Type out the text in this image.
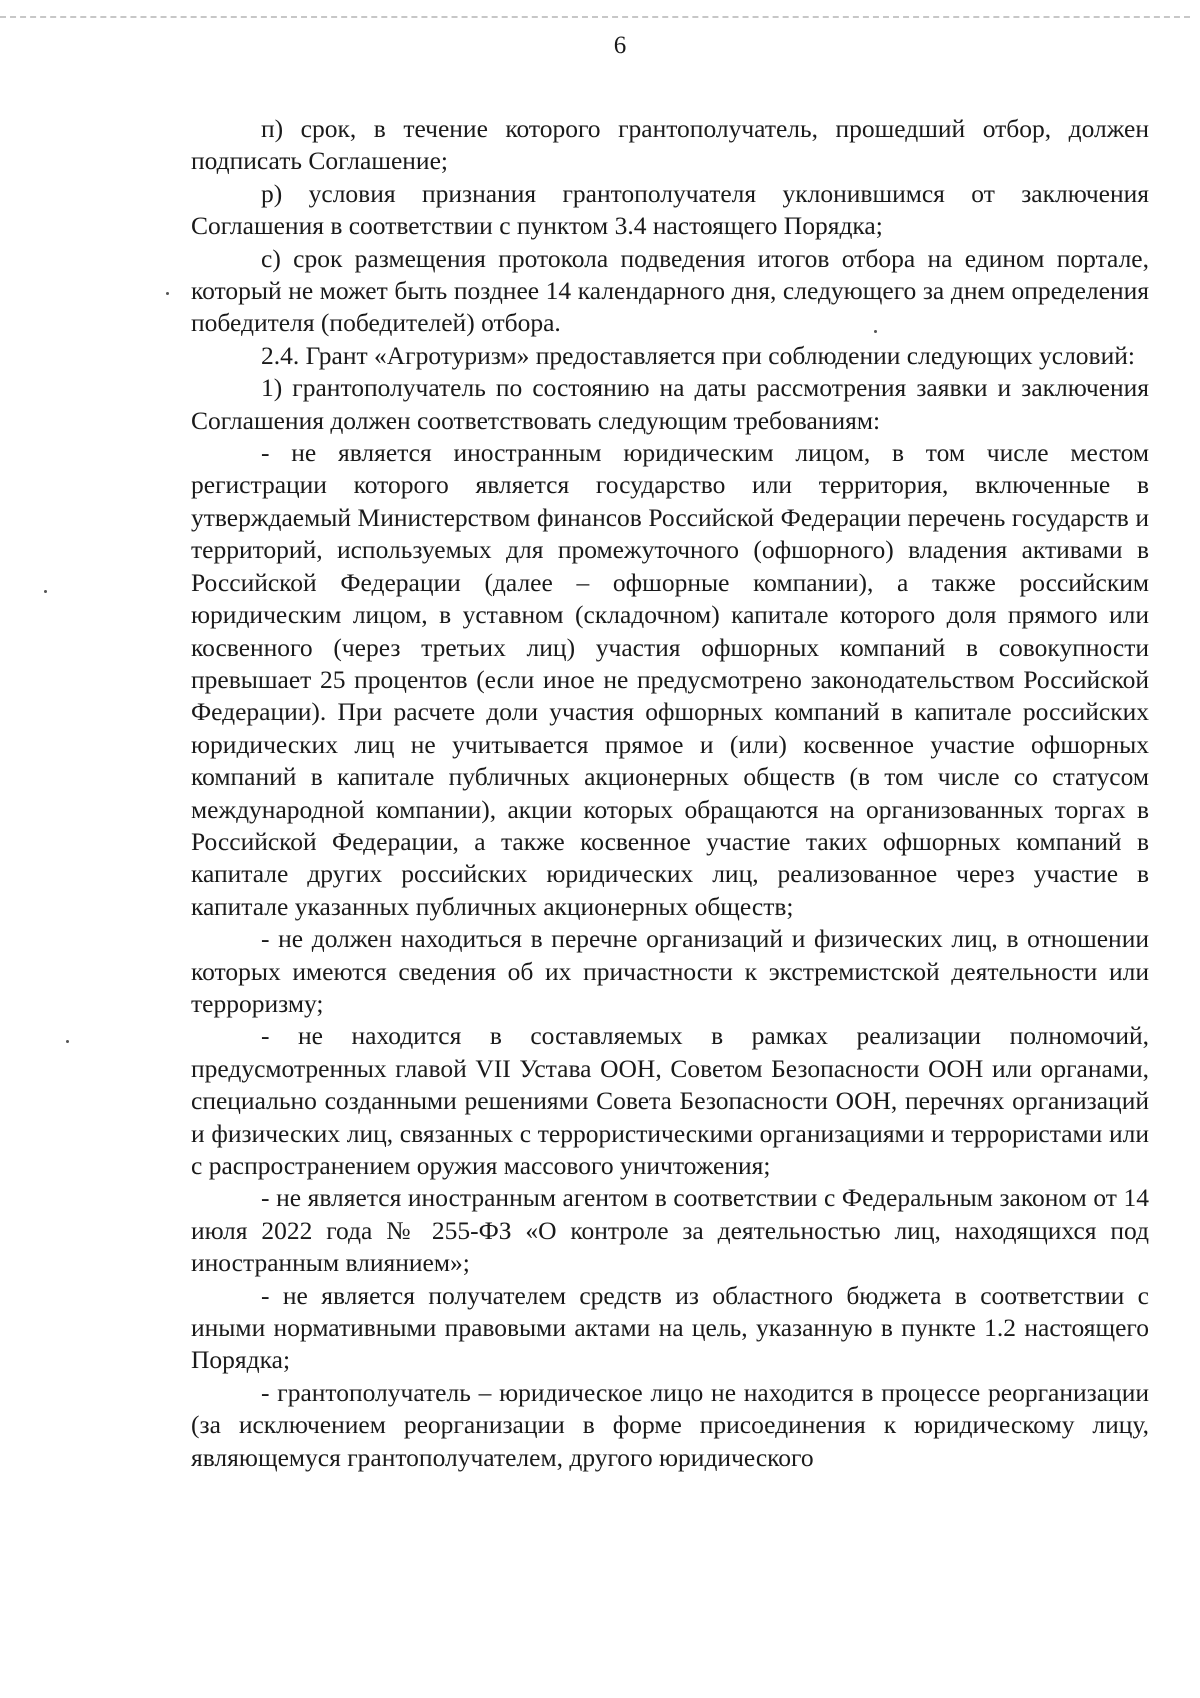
6

п) срок, в течение которого грантополучатель, прошедший отбор, должен подписать Соглашение;

р) условия признания грантополучателя уклонившимся от заключения Соглашения в соответствии с пунктом 3.4 настоящего Порядка;

с) срок размещения протокола подведения итогов отбора на едином портале, который не может быть позднее 14 календарного дня, следующего за днем определения победителя (победителей) отбора.

2.4. Грант «Агротуризм» предоставляется при соблюдении следующих условий:

1) грантополучатель по состоянию на даты рассмотрения заявки и заключения Соглашения должен соответствовать следующим требованиям:

- не является иностранным юридическим лицом, в том числе местом регистрации которого является государство или территория, включенные в утверждаемый Министерством финансов Российской Федерации перечень государств и территорий, используемых для промежуточного (офшорного) владения активами в Российской Федерации (далее – офшорные компании), а также российским юридическим лицом, в уставном (складочном) капитале которого доля прямого или косвенного (через третьих лиц) участия офшорных компаний в совокупности превышает 25 процентов (если иное не предусмотрено законодательством Российской Федерации). При расчете доли участия офшорных компаний в капитале российских юридических лиц не учитывается прямое и (или) косвенное участие офшорных компаний в капитале публичных акционерных обществ (в том числе со статусом международной компании), акции которых обращаются на организованных торгах в Российской Федерации, а также косвенное участие таких офшорных компаний в капитале других российских юридических лиц, реализованное через участие в капитале указанных публичных акционерных обществ;

- не должен находиться в перечне организаций и физических лиц, в отношении которых имеются сведения об их причастности к экстремистской деятельности или терроризму;

- не находится в составляемых в рамках реализации полномочий, предусмотренных главой VII Устава ООН, Советом Безопасности ООН или органами, специально созданными решениями Совета Безопасности ООН, перечнях организаций и физических лиц, связанных с террористическими организациями и террористами или с распространением оружия массового уничтожения;

- не является иностранным агентом в соответствии с Федеральным законом от 14 июля 2022 года № 255-ФЗ «О контроле за деятельностью лиц, находящихся под иностранным влиянием»;

- не является получателем средств из областного бюджета в соответствии с иными нормативными правовыми актами на цель, указанную в пункте 1.2 настоящего Порядка;

- грантополучатель – юридическое лицо не находится в процессе реорганизации (за исключением реорганизации в форме присоединения к юридическому лицу, являющемуся грантополучателем, другого юридического
